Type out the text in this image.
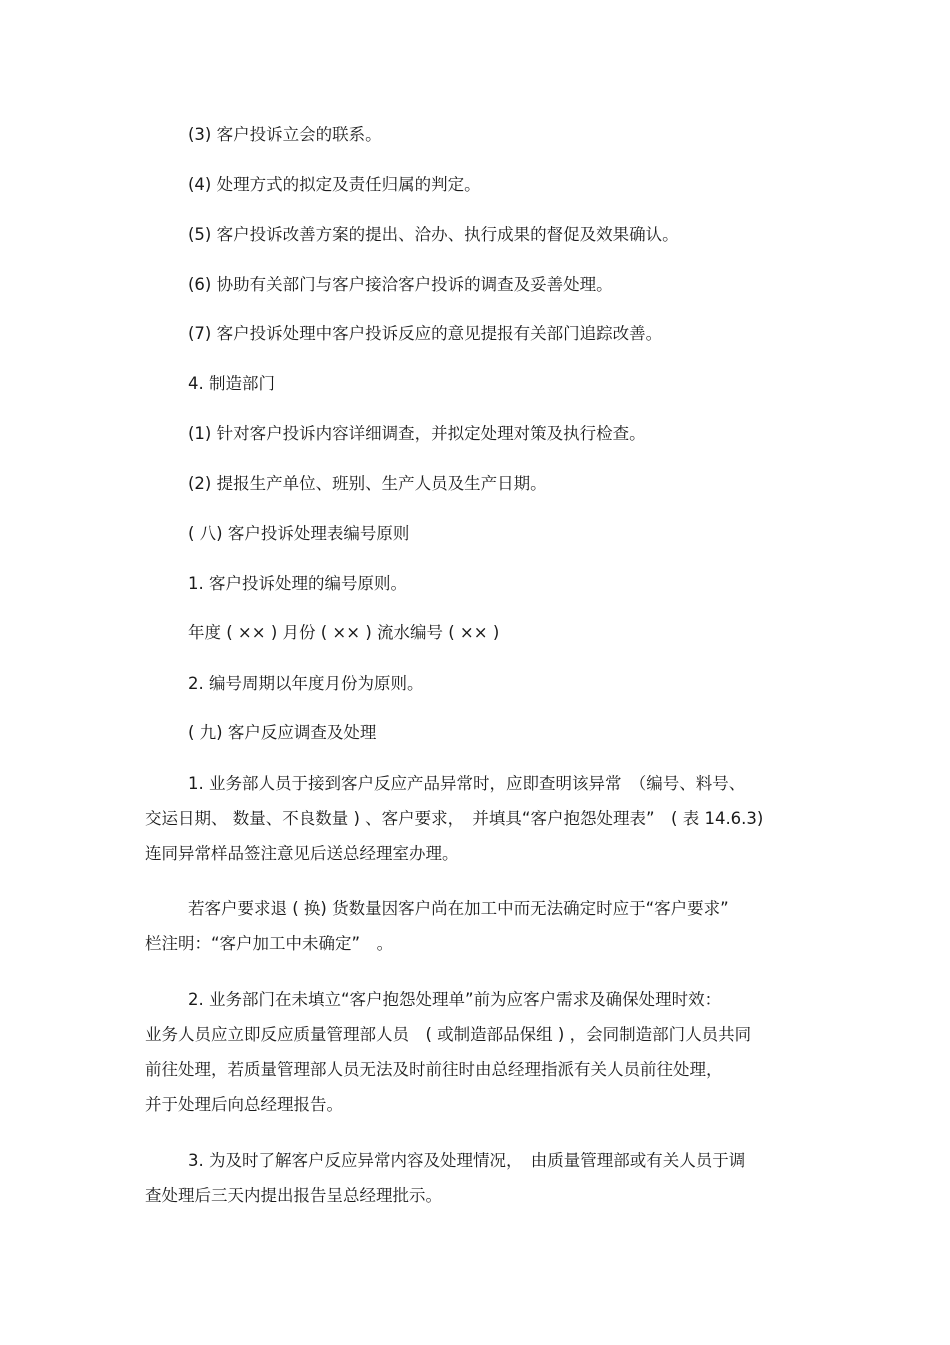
(3) 客户投诉立会的联系。

(4) 处理方式的拟定及责任归属的判定。

(5) 客户投诉改善方案的提出、洽办、执行成果的督促及效果确认。

(6) 协助有关部门与客户接洽客户投诉的调查及妥善处理。

(7) 客户投诉处理中客户投诉反应的意见提报有关部门追踪改善。

4. 制造部门

(1) 针对客户投诉内容详细调查，并拟定处理对策及执行检查。

(2) 提报生产单位、班别、生产人员及生产日期。

( 八) 客户投诉处理表编号原则

1. 客户投诉处理的编号原则。

年度 ( ×× ) 月份 ( ×× ) 流水编号 ( ×× )

2. 编号周期以年度月份为原则。

( 九) 客户反应调查及处理

1. 业务部人员于接到客户反应产品异常时，应即查明该异常　（编号、料号、
交运日期、 数量、不良数量 ) 、客户要求，　并填具“客户抱怨处理表”　( 表 14.6.3)
连同异常样品签注意见后送总经理室办理。
若客户要求退 ( 换) 货数量因客户尚在加工中而无法确定时应于“客户要求”
栏注明：“客户加工中未确定”　。
2. 业务部门在未填立“客户抱怨处理单”前为应客户需求及确保处理时效：
业务人员应立即反应质量管理部人员　( 或制造部品保组 ) ，会同制造部门人员共同
前往处理，若质量管理部人员无法及时前往时由总经理指派有关人员前往处理，
并于处理后向总经理报告。
3. 为及时了解客户反应异常内容及处理情况，　由质量管理部或有关人员于调
查处理后三天内提出报告呈总经理批示。
